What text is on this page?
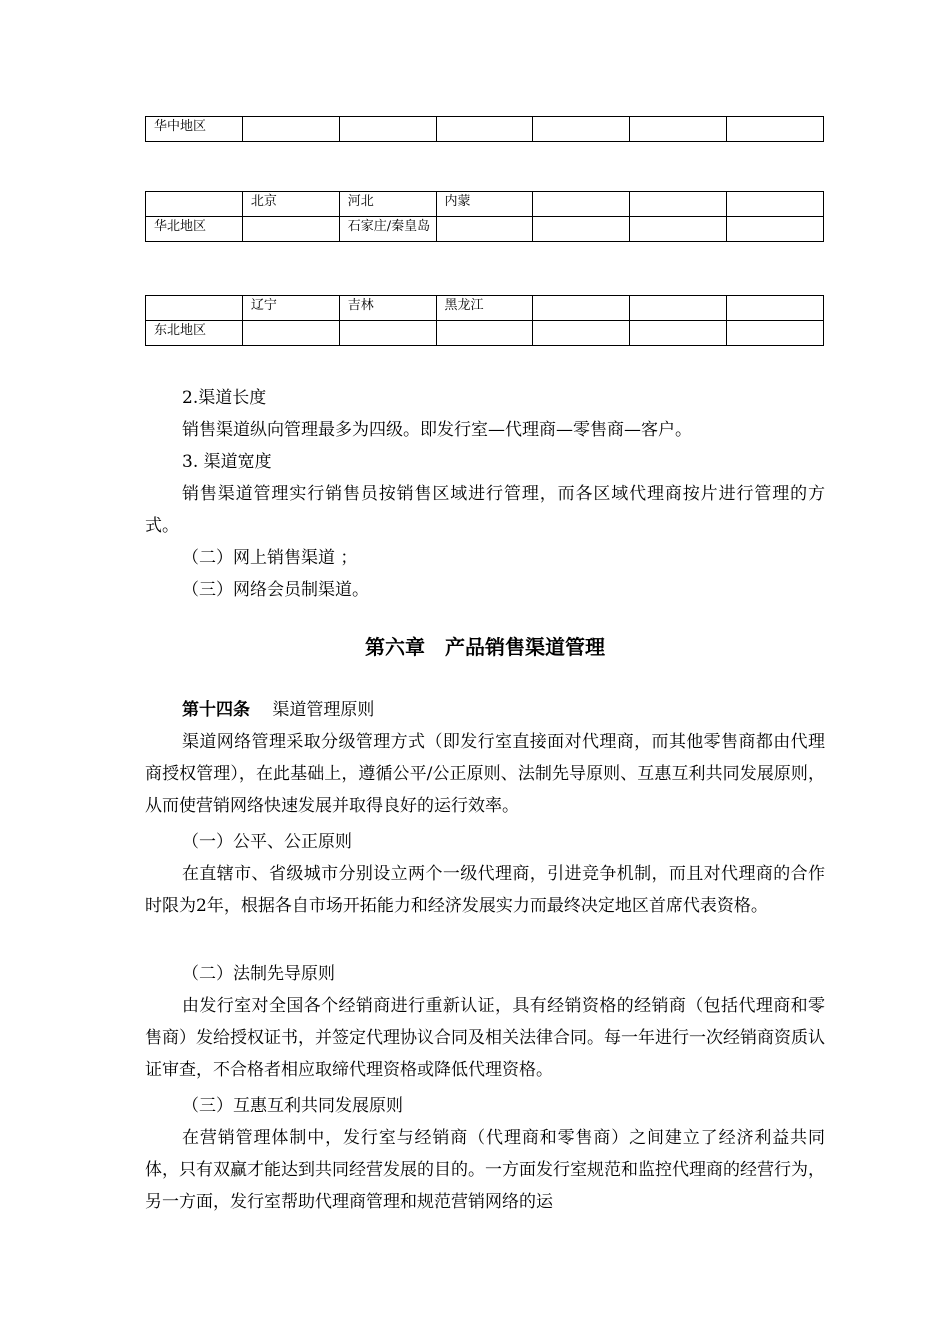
华中地区						
	北京	河北	内蒙			
华北地区		石家庄/秦皇岛				
	辽宁	吉林	黑龙江			
东北地区						

2.渠道长度

销售渠道纵向管理最多为四级。即发行室—代理商—零售商—客户。

3. 渠道宽度

销售渠道管理实行销售员按销售区域进行管理，而各区域代理商按片进行管理的方式。

（二）网上销售渠道 ；

（三）网络会员制渠道。

第六章　产品销售渠道管理

第十四条　 渠道管理原则

渠道网络管理采取分级管理方式（即发行室直接面对代理商，而其他零售商都由代理商授权管理），在此基础上，遵循公平/公正原则、法制先导原则、互惠互利共同发展原则，从而使营销网络快速发展并取得良好的运行效率。

（一）公平、公正原则

在直辖市、省级城市分别设立两个一级代理商，引进竞争机制，而且对代理商的合作时限为2年，根据各自市场开拓能力和经济发展实力而最终决定地区首席代表资格。

（二）法制先导原则

由发行室对全国各个经销商进行重新认证，具有经销资格的经销商（包括代理商和零售商）发给授权证书，并签定代理协议合同及相关法律合同。每一年进行一次经销商资质认证审查，不合格者相应取缔代理资格或降低代理资格。

（三）互惠互利共同发展原则

在营销管理体制中，发行室与经销商（代理商和零售商）之间建立了经济利益共同体，只有双赢才能达到共同经营发展的目的。一方面发行室规范和监控代理商的经营行为，另一方面，发行室帮助代理商管理和规范营销网络的运
